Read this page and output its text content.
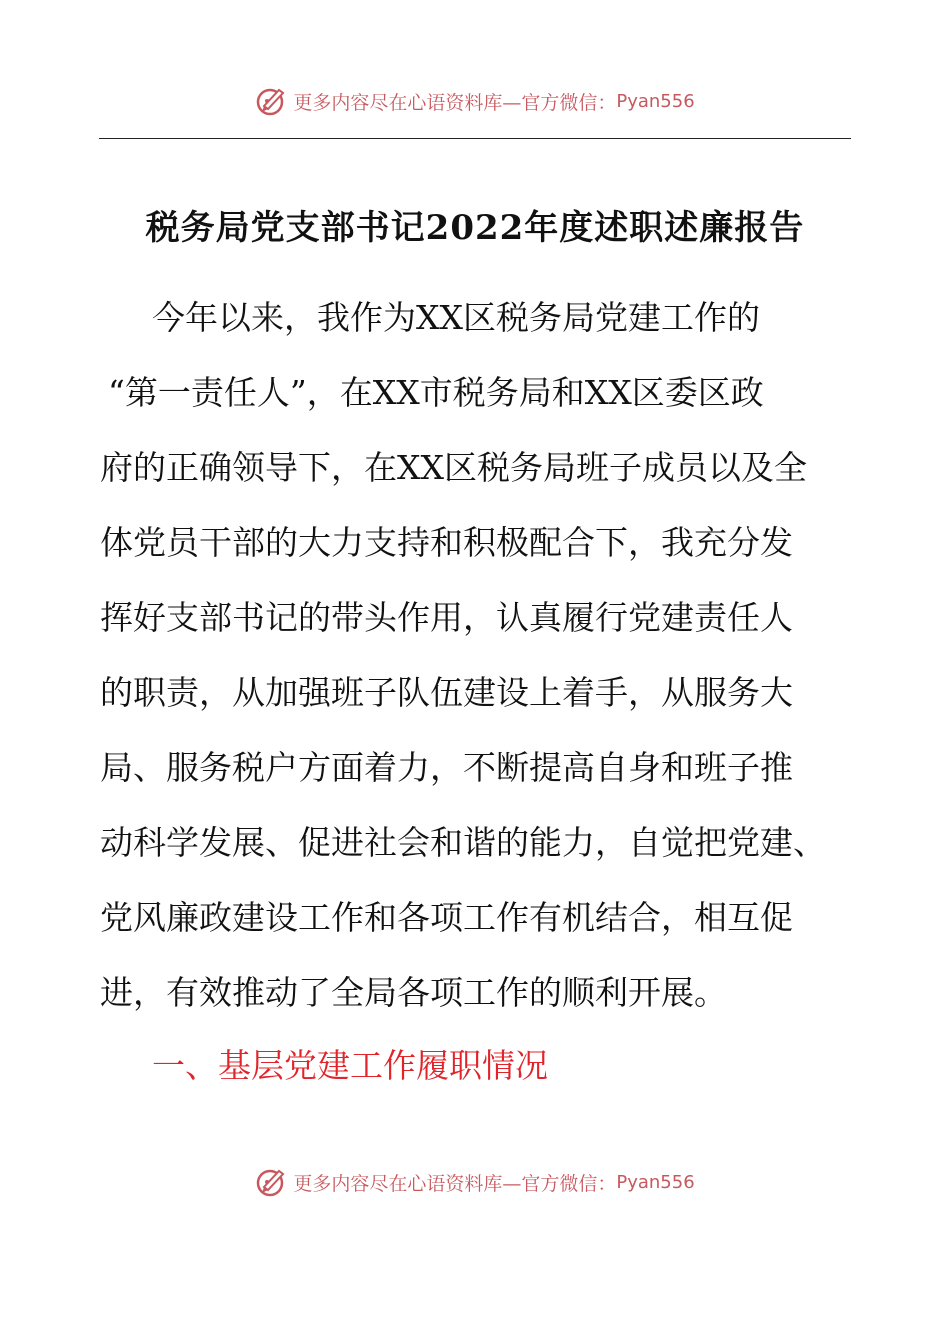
更多内容尽在心语资料库—官方微信： Pyan556
税务局党支部书记2022年度述职述廉报告
今年以来，我作为XX区税务局党建工作的
“第一责任人”，在XX市税务局和XX区委区政
府的正确领导下，在XX区税务局班子成员以及全
体党员干部的大力支持和积极配合下，我充分发
挥好支部书记的带头作用，认真履行党建责任人
的职责，从加强班子队伍建设上着手，从服务大
局、服务税户方面着力，不断提高自身和班子推
动科学发展、促进社会和谐的能力，自觉把党建、
党风廉政建设工作和各项工作有机结合，相互促
进，有效推动了全局各项工作的顺利开展。
一、基层党建工作履职情况
更多内容尽在心语资料库—官方微信： Pyan556
